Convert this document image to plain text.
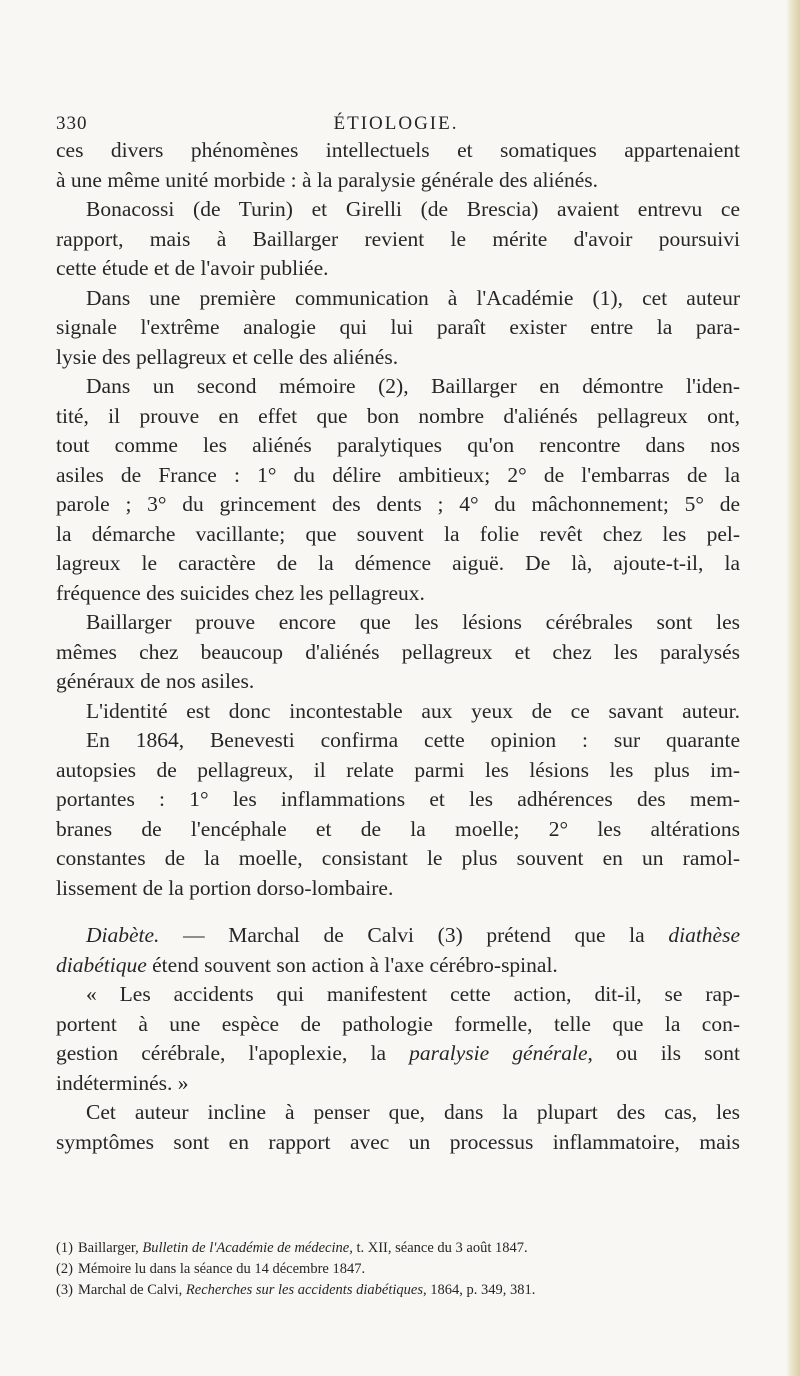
330	ÉTIOLOGIE.
ces divers phénomènes intellectuels et somatiques appartenaient
à une même unité morbide : à la paralysie générale des aliénés.
Bonacossi (de Turin) et Girelli (de Brescia) avaient entrevu ce
rapport, mais à Baillarger revient le mérite d'avoir poursuivi
cette étude et de l'avoir publiée.
Dans une première communication à l'Académie (1), cet auteur
signale l'extrême analogie qui lui paraît exister entre la para-
lysie des pellagreux et celle des aliénés.
Dans un second mémoire (2), Baillarger en démontre l'iden-
tité, il prouve en effet que bon nombre d'aliénés pellagreux ont,
tout comme les aliénés paralytiques qu'on rencontre dans nos
asiles de France : 1° du délire ambitieux; 2° de l'embarras de la
parole ; 3° du grincement des dents ; 4° du mâchonnement; 5° de
la démarche vacillante; que souvent la folie revêt chez les pel-
lagreux le caractère de la démence aiguë. De là, ajoute-t-il, la
fréquence des suicides chez les pellagreux.
Baillarger prouve encore que les lésions cérébrales sont les
mêmes chez beaucoup d'aliénés pellagreux et chez les paralysés
généraux de nos asiles.
L'identité est donc incontestable aux yeux de ce savant auteur.
En 1864, Benevesti confirma cette opinion : sur quarante
autopsies de pellagreux, il relate parmi les lésions les plus im-
portantes : 1° les inflammations et les adhérences des mem-
branes de l'encéphale et de la moelle; 2° les altérations
constantes de la moelle, consistant le plus souvent en un ramol-
lissement de la portion dorso-lombaire.
Diabète. — Marchal de Calvi (3) prétend que la diathèse
diabétique étend souvent son action à l'axe cérébro-spinal.
« Les accidents qui manifestent cette action, dit-il, se rap-
portent à une espèce de pathologie formelle, telle que la con-
gestion cérébrale, l'apoplexie, la paralysie générale, ou ils sont
indéterminés. »
Cet auteur incline à penser que, dans la plupart des cas, les
symptômes sont en rapport avec un processus inflammatoire, mais
(1) Baillarger, Bulletin de l'Académie de médecine, t. XII, séance du 3 août 1847.
(2) Mémoire lu dans la séance du 14 décembre 1847.
(3) Marchal de Calvi, Recherches sur les accidents diabétiques, 1864, p. 349, 381.
